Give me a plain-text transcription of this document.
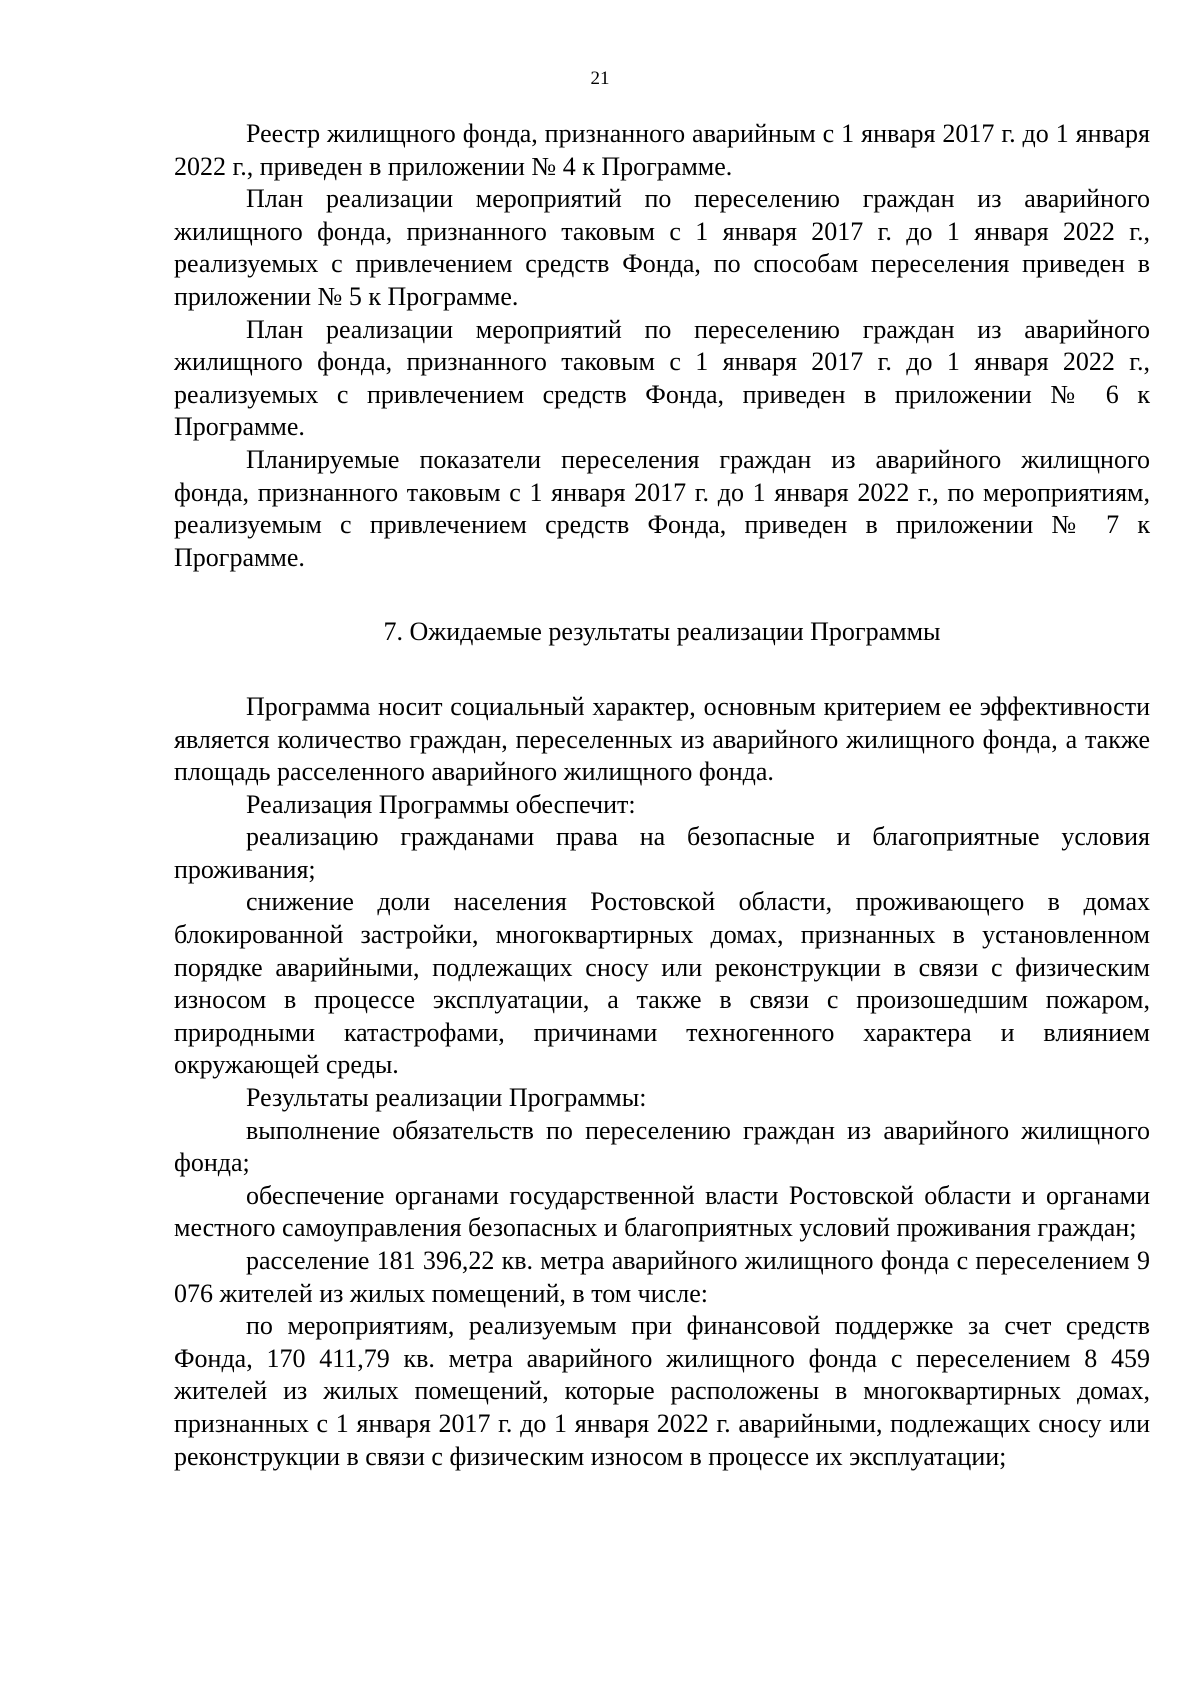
21

Реестр жилищного фонда, признанного аварийным с 1 января 2017 г. до 1 января 2022 г., приведен в приложении № 4 к Программе.

План реализации мероприятий по переселению граждан из аварийного жилищного фонда, признанного таковым с 1 января 2017 г. до 1 января 2022 г., реализуемых с привлечением средств Фонда, по способам переселения приведен в приложении № 5 к Программе.

План реализации мероприятий по переселению граждан из аварийного жилищного фонда, признанного таковым с 1 января 2017 г. до 1 января 2022 г., реализуемых с привлечением средств Фонда, приведен в приложении № 6 к Программе.

Планируемые показатели переселения граждан из аварийного жилищного фонда, признанного таковым с 1 января 2017 г. до 1 января 2022 г., по мероприятиям, реализуемым с привлечением средств Фонда, приведен в приложении № 7 к Программе.

7. Ожидаемые результаты реализации Программы

Программа носит социальный характер, основным критерием ее эффективности является количество граждан, переселенных из аварийного жилищного фонда, а также площадь расселенного аварийного жилищного фонда.

Реализация Программы обеспечит:

реализацию гражданами права на безопасные и благоприятные условия проживания;

снижение доли населения Ростовской области, проживающего в домах блокированной застройки, многоквартирных домах, признанных в установленном порядке аварийными, подлежащих сносу или реконструкции в связи с физическим износом в процессе эксплуатации, а также в связи с произошедшим пожаром, природными катастрофами, причинами техногенного характера и влиянием окружающей среды.

Результаты реализации Программы:

выполнение обязательств по переселению граждан из аварийного жилищного фонда;

обеспечение органами государственной власти Ростовской области и органами местного самоуправления безопасных и благоприятных условий проживания граждан;

расселение 181 396,22 кв. метра аварийного жилищного фонда с переселением 9 076 жителей из жилых помещений, в том числе:

по мероприятиям, реализуемым при финансовой поддержке за счет средств Фонда, 170 411,79 кв. метра аварийного жилищного фонда с переселением 8 459 жителей из жилых помещений, которые расположены в многоквартирных домах, признанных с 1 января 2017 г. до 1 января 2022 г. аварийными, подлежащих сносу или реконструкции в связи с физическим износом в процессе их эксплуатации;
